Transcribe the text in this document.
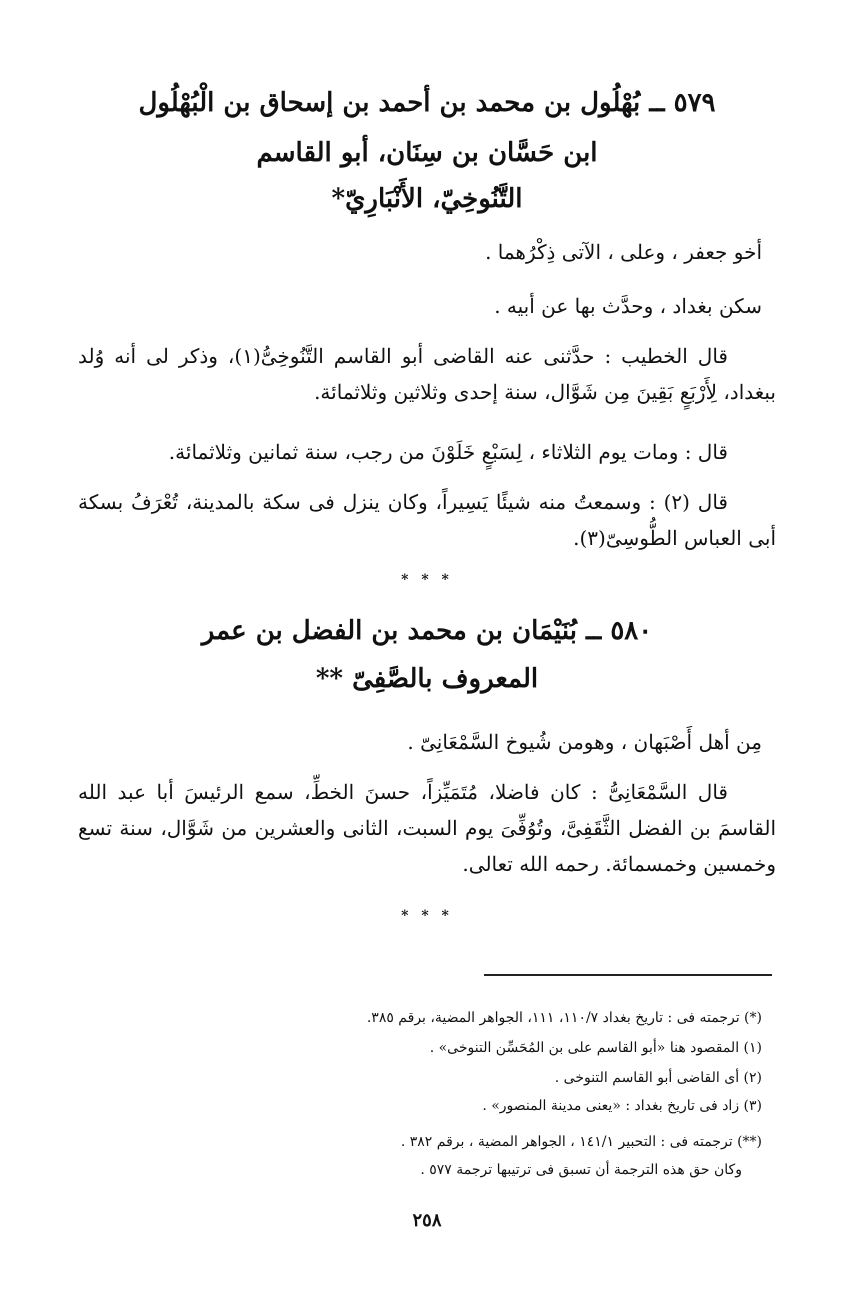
٥٧٩ ــ بُهْلُول بن محمد بن أحمد بن إسحاق بن الْبُهْلُول
ابن حَسَّان بن سِنَان، أبو القاسم
التَّنُوخِيّ، الأَنْبَارِيّ*
أخو جعفر ، وعلى ، الآتى ذِكْرُهما .
سكن بغداد ، وحدَّث بها عن أبيه .
قال الخطيب : حدَّثنى عنه القاضى أبو القاسم التَّنُوخِىُّ(١)، وذكر لى أنه وُلد ببغداد، لِأَرْبَعٍ بَقِينَ مِن شَوَّال، سنة إحدى وثلاثين وثلاثمائة.
قال : ومات يوم الثلاثاء ، لِسَبْعٍ خَلَوْنَ من رجب، سنة ثمانين وثلاثمائة.
قال (٢) : وسمعتُ منه شيئًا يَسِيراً، وكان ينزل فى سكة بالمدينة، تُعْرَفُ بسكة أبى العباس الطُّوسِىّ(٣).
* * *
٥٨٠ ــ بُنَيْمَان بن محمد بن الفضل بن عمر
المعروف بالصَّفِىّ **
مِن أهل أَصْبَهان ، وهومن شُيوخ السَّمْعَانِىّ .
قال السَّمْعَانِىُّ : كان فاضلا، مُتَمَيِّزاً، حسنَ الخطِّ، سمع الرئيسَ أبا عبد الله القاسمَ بن الفضل الثَّقَفِىَّ، وتُوُفِّىَ يوم السبت، الثانى والعشرين من شَوَّال، سنة تسع وخمسين وخمسمائة. رحمه الله تعالى.
* * *
(*) ترجمته فى : تاريخ بغداد ١١٠/٧، ١١١، الجواهر المضية، برقم ٣٨٥.
(١) المقصود هنا «أبو القاسم على بن المُحَسِّن التنوخى» .
(٢) أى القاضى أبو القاسم التنوخى .
(٣) زاد فى تاريخ بغداد : «يعنى مدينة المنصور» .
(**) ترجمته فى : التحبير ١٤١/١ ، الجواهر المضية ، برقم ٣٨٢ .
وكان حق هذه الترجمة أن تسبق فى ترتيبها ترجمة ٥٧٧ .
٢٥٨
